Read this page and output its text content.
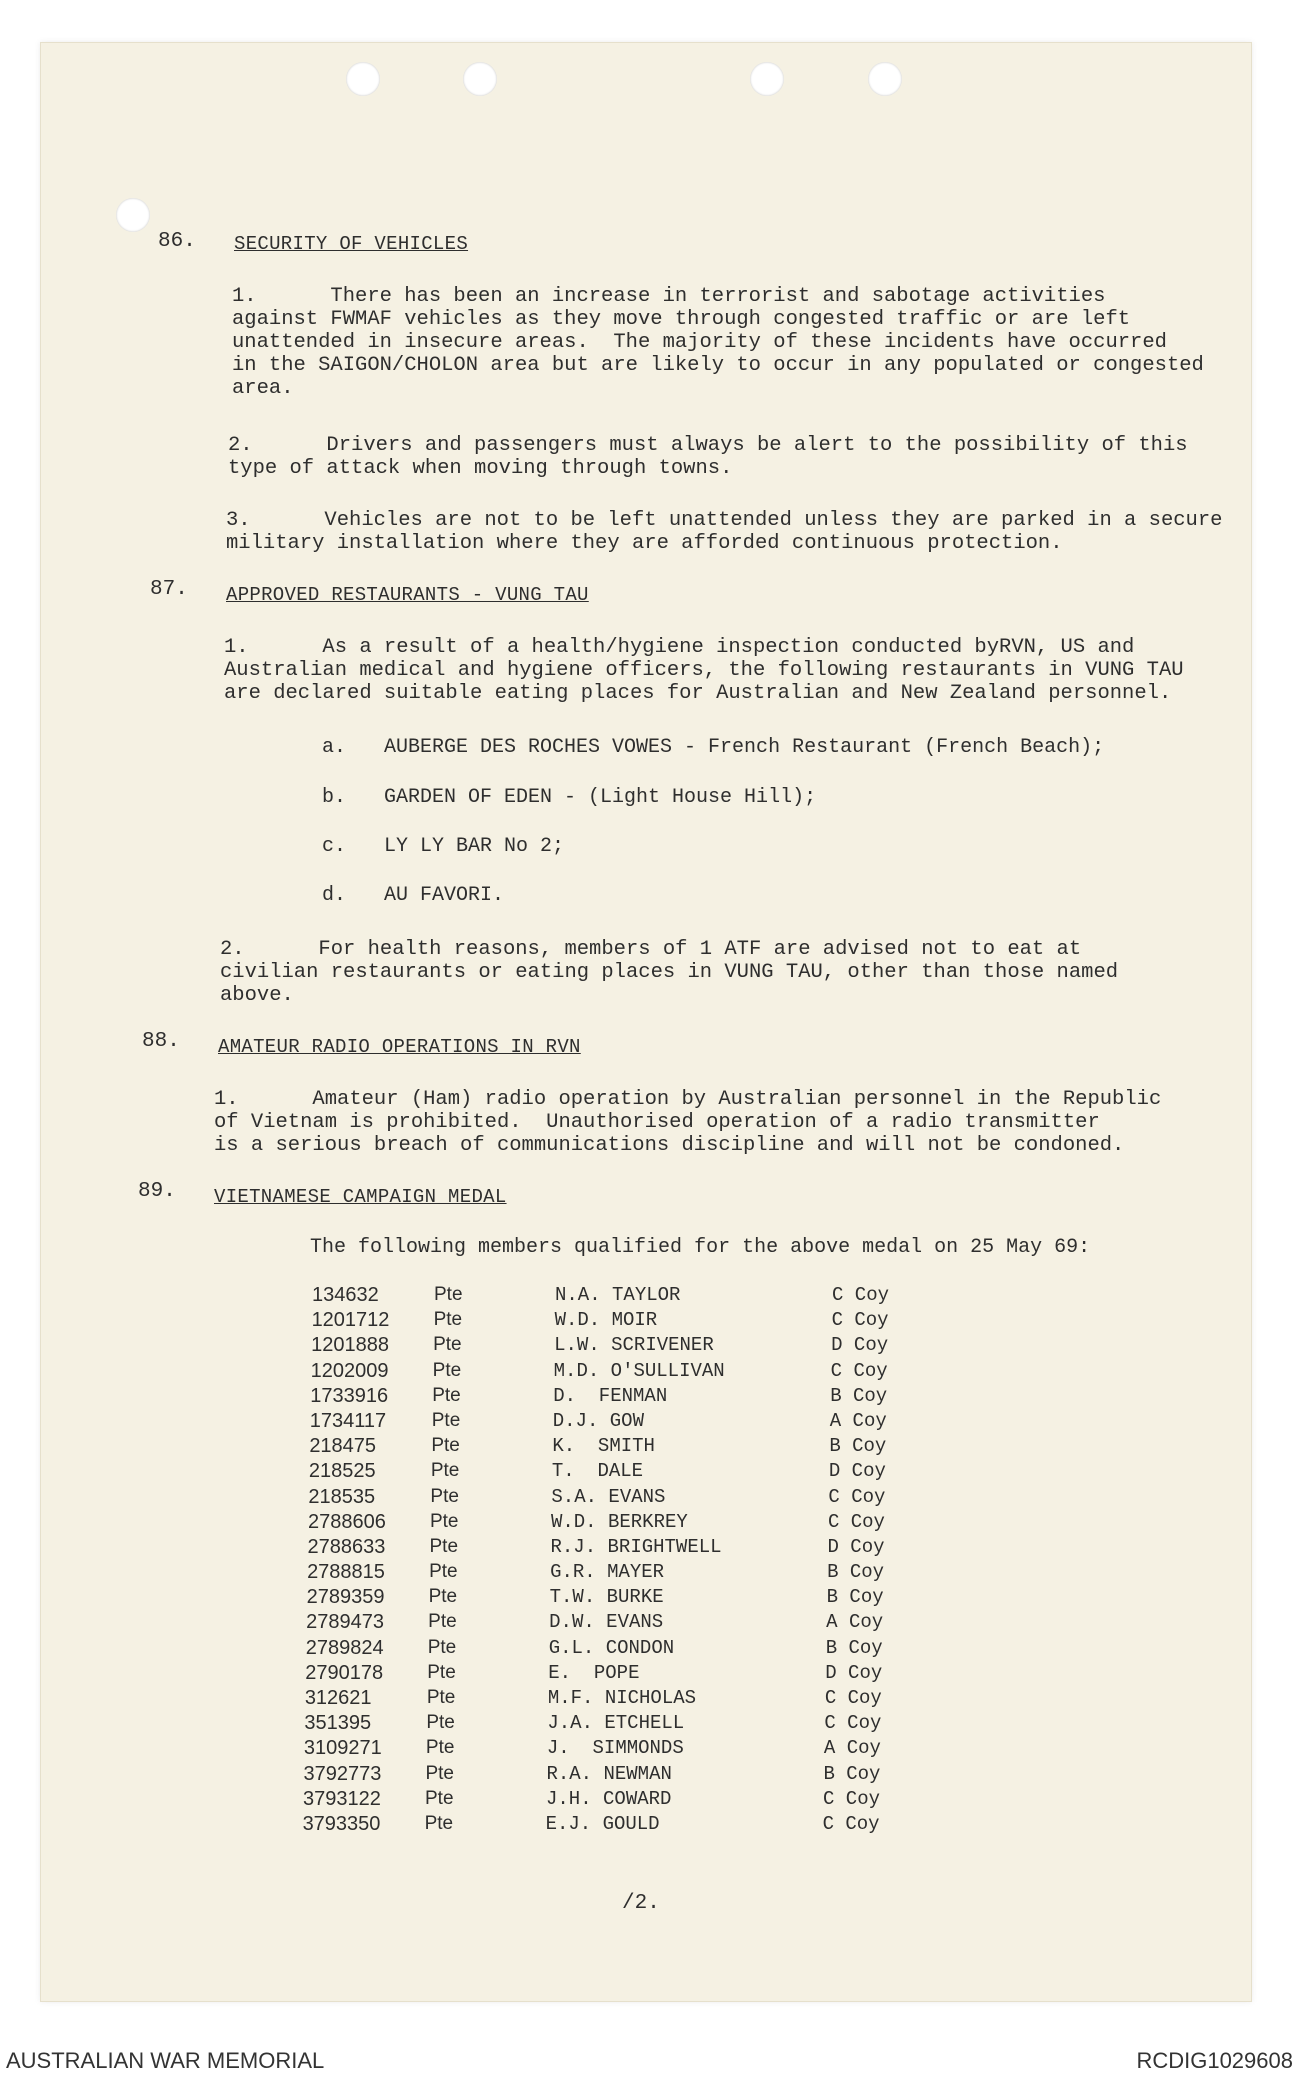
86. SECURITY OF VEHICLES
1.      There has been an increase in terrorist and sabotage activities
against FWMAF vehicles as they move through congested traffic or are left
unattended in insecure areas.  The majority of these incidents have occurred
in the SAIGON/CHOLON area but are likely to occur in any populated or congested
area.
2.      Drivers and passengers must always be alert to the possibility of this
type of attack when moving through towns.
3.      Vehicles are not to be left unattended unless they are parked in a secure
military installation where they are afforded continuous protection.
87. APPROVED RESTAURANTS - VUNG TAU
1.      As a result of a health/hygiene inspection conducted byRVN, US and
Australian medical and hygiene officers, the following restaurants in VUNG TAU
are declared suitable eating places for Australian and New Zealand personnel.
a. AUBERGE DES ROCHES VOWES - French Restaurant (French Beach);
b. GARDEN OF EDEN - (Light House Hill);
c. LY LY BAR No 2;
d. AU FAVORI.
2.      For health reasons, members of 1 ATF are advised not to eat at
civilian restaurants or eating places in VUNG TAU, other than those named
above.
88. AMATEUR RADIO OPERATIONS IN RVN
1.      Amateur (Ham) radio operation by Australian personnel in the Republic
of Vietnam is prohibited.  Unauthorised operation of a radio transmitter
is a serious breach of communications discipline and will not be condoned.
89. VIETNAMESE CAMPAIGN MEDAL
The following members qualified for the above medal on 25 May 69:
134632	Pte	N.A. TAYLOR	C Coy
1201712 Pte	W.D. MOIR	C Coy
1201888 Pte	L.W. SCRIVENER	D Coy
1202009 Pte	M.D. O'SULLIVAN	C Coy
1733916 Pte	D.  FENMAN	B Coy
1734117 Pte	D.J. GOW	A Coy
218475	Pte	K.  SMITH	B Coy
218525	Pte	T.  DALE	D Coy
218535	Pte	S.A. EVANS	C Coy
2788606 Pte	W.D. BERKREY	C Coy
2788633 Pte	R.J. BRIGHTWELL	D Coy
2788815 Pte	G.R. MAYER	B Coy
2789359 Pte	T.W. BURKE	B Coy
2789473 Pte	D.W. EVANS	A Coy
2789824 Pte	G.L. CONDON	B Coy
2790178 Pte	E.  POPE	D Coy
312621	Pte	M.F. NICHOLAS	C Coy
351395	Pte	J.A. ETCHELL	C Coy
3109271 Pte	J.  SIMMONDS	A Coy
3792773 Pte	R.A. NEWMAN	B Coy
3793122 Pte	J.H. COWARD	C Coy
3793350 Pte	E.J. GOULD	C Coy
/2.
AUSTRALIAN WAR MEMORIAL	RCDIG1029608
